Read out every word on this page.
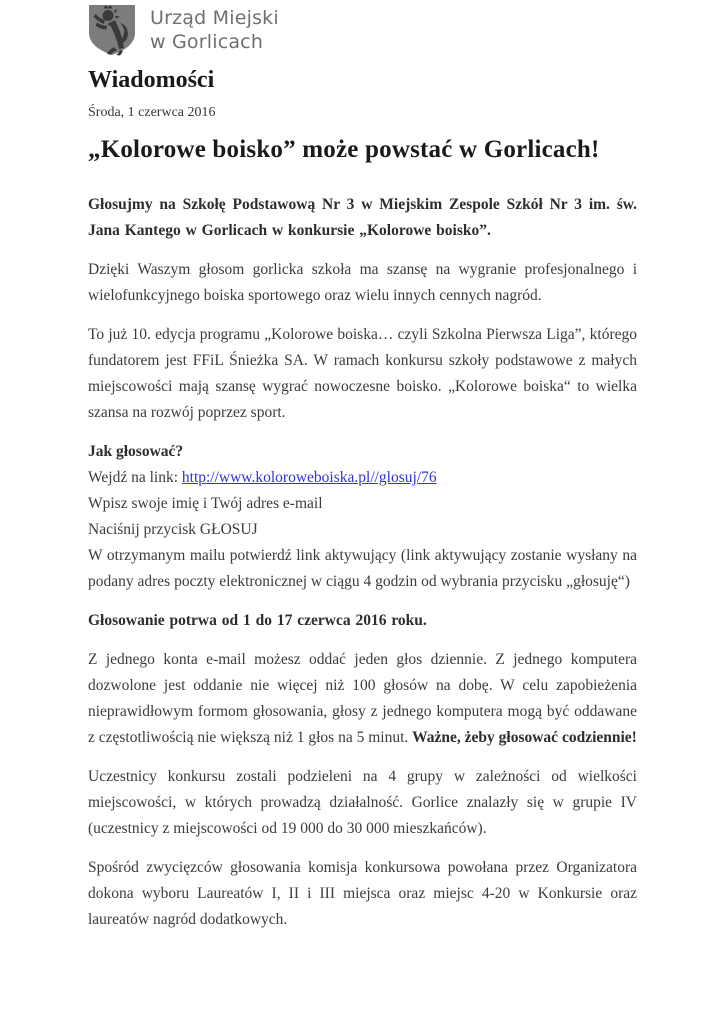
Urząd Miejski
w Gorlicach
Wiadomości
Środa, 1 czerwca 2016
„Kolorowe boisko” może powstać w Gorlicach!

Głosujmy na Szkołę Podstawową Nr 3 w Miejskim Zespole Szkół Nr 3 im. św. Jana Kantego w Gorlicach w konkursie „Kolorowe boisko”.

Dzięki Waszym głosom gorlicka szkoła ma szansę na wygranie profesjonalnego i wielofunkcyjnego boiska sportowego oraz wielu innych cennych nagród.

To już 10. edycja programu „Kolorowe boiska… czyli Szkolna Pierwsza Liga”, którego fundatorem jest FFiL Śnieżka SA. W ramach konkursu szkoły podstawowe z małych miejscowości mają szansę wygrać nowoczesne boisko. „Kolorowe boiska“ to wielka szansa na rozwój poprzez sport.

Jak głosować?
Wejdź na link: http://www.koloroweboiska.pl//glosuj/76
Wpisz swoje imię i Twój adres e-mail
Naciśnij przycisk GŁOSUJ
W otrzymanym mailu potwierdź link aktywujący (link aktywujący zostanie wysłany na podany adres poczty elektronicznej w ciągu 4 godzin od wybrania przycisku „głosuję“)

Głosowanie potrwa od 1 do 17 czerwca 2016 roku.

Z jednego konta e-mail możesz oddać jeden głos dziennie. Z jednego komputera dozwolone jest oddanie nie więcej niż 100 głosów na dobę. W celu zapobieżenia nieprawidłowym formom głosowania, głosy z jednego komputera mogą być oddawane z częstotliwością nie większą niż 1 głos na 5 minut. Ważne, żeby głosować codziennie!

Uczestnicy konkursu zostali podzieleni na 4 grupy w zależności od wielkości miejscowości, w których prowadzą działalność. Gorlice znalazły się w grupie IV (uczestnicy z miejscowości od 19 000 do 30 000 mieszkańców).

Spośród zwycięzców głosowania komisja konkursowa powołana przez Organizatora dokona wyboru Laureatów I, II i III miejsca oraz miejsc 4-20 w Konkursie oraz laureatów nagród dodatkowych.
